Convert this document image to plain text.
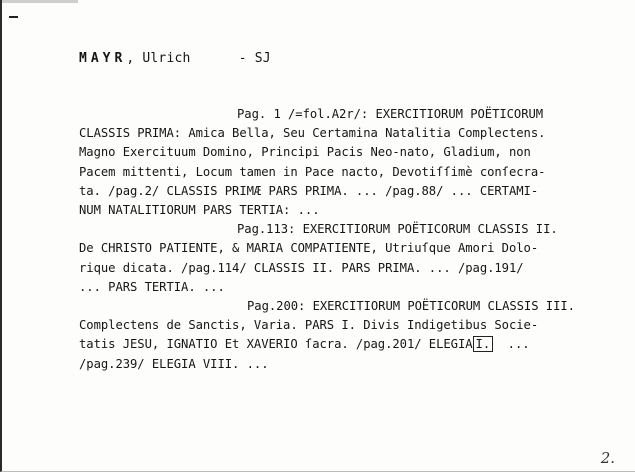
MAYR, Ulrich	- SJ
Pag. 1 /=fol.A2r/: EXERCITIORUM POËTICORUM
CLASSIS PRIMA: Amica Bella, Seu Certamina Natalitia Complectens.
Magno Exercituum Domino, Principi Pacis Neo-nato, Gladium, non
Pacem mittenti, Locum tamen in Pace nacto, Devotiſſimè conſecra-
ta. /pag.2/ CLASSIS PRIMÆ PARS PRIMA. ... /pag.88/ ... CERTAMI-
NUM NATALITIORUM PARS TERTIA: ...
Pag.113: EXERCITIORUM POËTICORUM CLASSIS II.
De CHRISTO PATIENTE, & MARIA COMPATIENTE, Utriuſque Amori Dolo-
rique dicata. /pag.114/ CLASSIS II. PARS PRIMA. ... /pag.191/
... PARS TERTIA. ...
Pag.200: EXERCITIORUM POËTICORUM CLASSIS III.
Complectens de Sanctis, Varia. PARS I. Divis Indigetibus Socie-
tatis JESU, IGNATIO Et XAVERIO ſacra. /pag.201/ ELEGIA I.  ...
/pag.239/ ELEGIA VIII. ...
2.
